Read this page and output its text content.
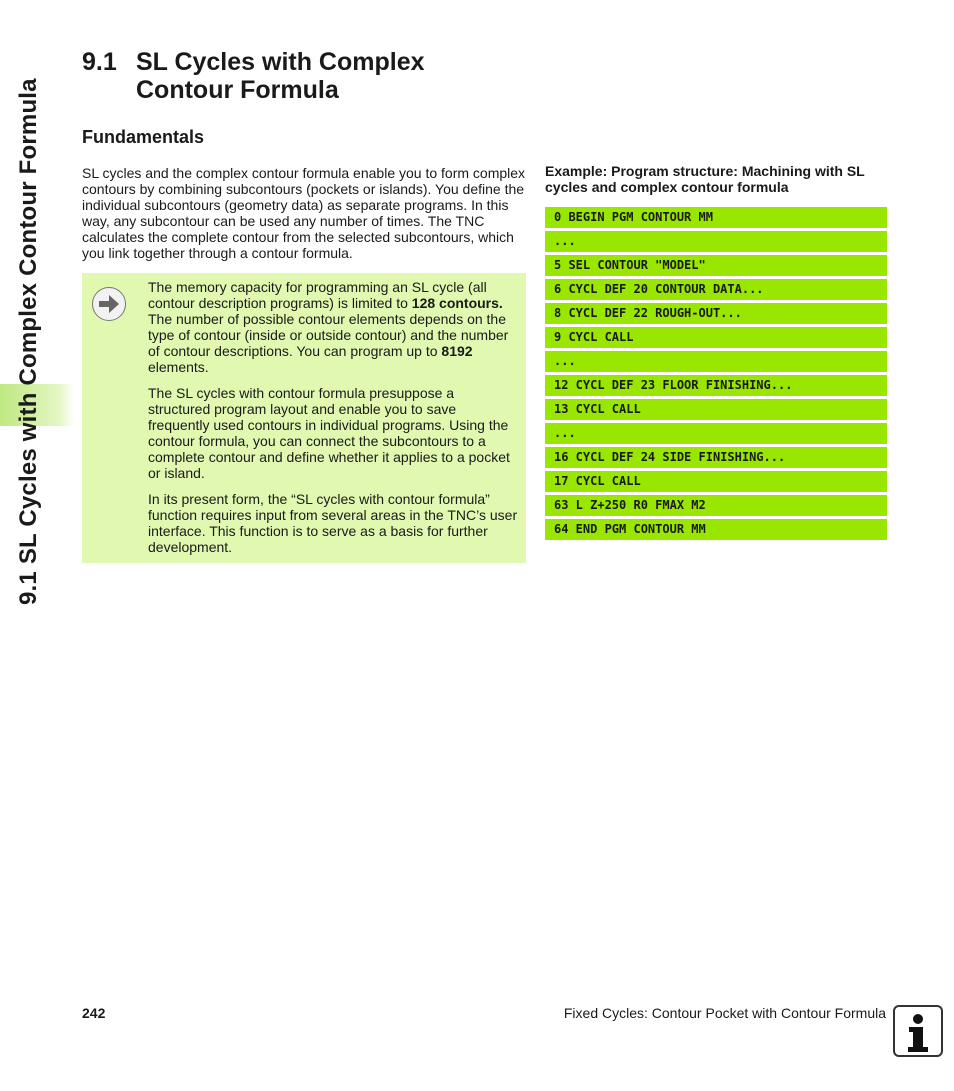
9.1 SL Cycles with Complex Contour Formula
9.1 SL Cycles with Complex
Contour Formula
Fundamentals

SL cycles and the complex contour formula enable you to form complex contours by combining subcontours (pockets or islands). You define the individual subcontours (geometry data) as separate programs. In this way, any subcontour can be used any number of times. The TNC calculates the complete contour from the selected subcontours, which you link together through a contour formula.

The memory capacity for programming an SL cycle (all contour description programs) is limited to 128 contours. The number of possible contour elements depends on the type of contour (inside or outside contour) and the number of contour descriptions. You can program up to 8192 elements.

The SL cycles with contour formula presuppose a structured program layout and enable you to save frequently used contours in individual programs. Using the contour formula, you can connect the subcontours to a complete contour and define whether it applies to a pocket or island.

In its present form, the “SL cycles with contour formula” function requires input from several areas in the TNC’s user interface. This function is to serve as a basis for further development.

Example: Program structure: Machining with SL cycles and complex contour formula

0 BEGIN PGM CONTOUR MM
...
5 SEL CONTOUR "MODEL"
6 CYCL DEF 20 CONTOUR DATA...
8 CYCL DEF 22 ROUGH-OUT...
9 CYCL CALL
...
12 CYCL DEF 23 FLOOR FINISHING...
13 CYCL CALL
...
16 CYCL DEF 24 SIDE FINISHING...
17 CYCL CALL
63 L Z+250 R0 FMAX M2
64 END PGM CONTOUR MM
242	Fixed Cycles: Contour Pocket with Contour Formula
